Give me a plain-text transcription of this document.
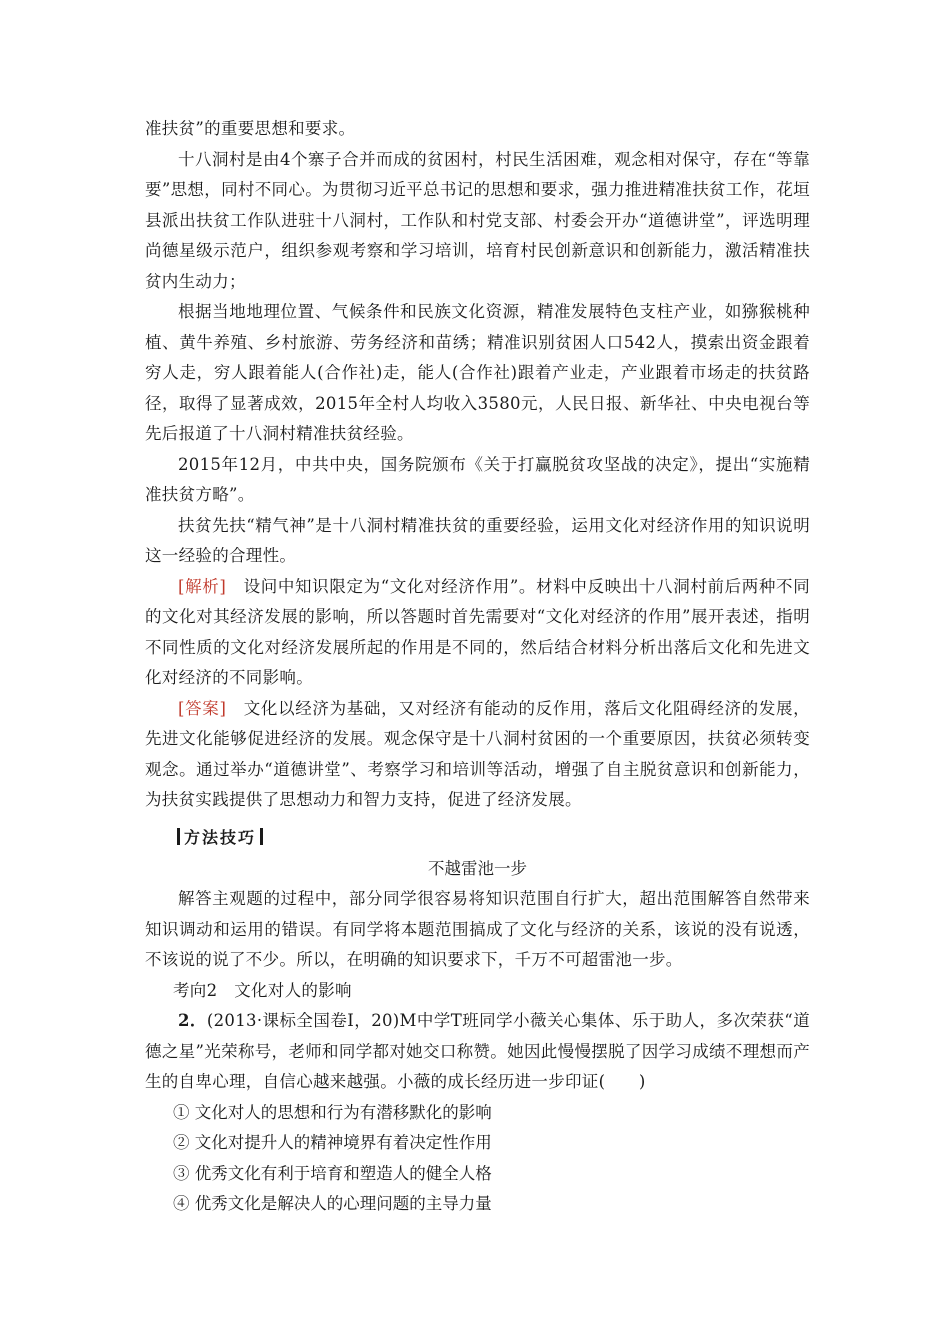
准扶贫”的重要思想和要求。

十八洞村是由4个寨子合并而成的贫困村，村民生活困难，观念相对保守，存在“等靠要”思想，同村不同心。为贯彻习近平总书记的思想和要求，强力推进精准扶贫工作，花垣县派出扶贫工作队进驻十八洞村，工作队和村党支部、村委会开办“道德讲堂”，评选明理尚德星级示范户，组织参观考察和学习培训，培育村民创新意识和创新能力，激活精准扶贫内生动力；

根据当地地理位置、气候条件和民族文化资源，精准发展特色支柱产业，如猕猴桃种植、黄牛养殖、乡村旅游、劳务经济和苗绣；精准识别贫困人口542人，摸索出资金跟着穷人走，穷人跟着能人(合作社)走，能人(合作社)跟着产业走，产业跟着市场走的扶贫路径，取得了显著成效，2015年全村人均收入3580元，人民日报、新华社、中央电视台等先后报道了十八洞村精准扶贫经验。

2015年12月，中共中央，国务院颁布《关于打赢脱贫攻坚战的决定》，提出“实施精准扶贫方略”。

扶贫先扶“精气神”是十八洞村精准扶贫的重要经验，运用文化对经济作用的知识说明这一经验的合理性。

[解析]　 设问中知识限定为“文化对经济作用”。材料中反映出十八洞村前后两种不同的文化对其经济发展的影响，所以答题时首先需要对“文化对经济的作用”展开表述，指明不同性质的文化对经济发展所起的作用是不同的，然后结合材料分析出落后文化和先进文化对经济的不同影响。

[答案]　 文化以经济为基础，又对经济有能动的反作用，落后文化阻碍经济的发展，先进文化能够促进经济的发展。观念保守是十八洞村贫困的一个重要原因，扶贫必须转变观念。通过举办“道德讲堂”、考察学习和培训等活动，增强了自主脱贫意识和创新能力，为扶贫实践提供了思想动力和智力支持，促进了经济发展。

方法技巧

不越雷池一步

解答主观题的过程中，部分同学很容易将知识范围自行扩大，超出范围解答自然带来知识调动和运用的错误。有同学将本题范围搞成了文化与经济的关系，该说的没有说透，不该说的说了不少。所以，在明确的知识要求下，千万不可超雷池一步。

考向2　文化对人的影响

2．(2013·课标全国卷Ⅰ，20)M中学T班同学小薇关心集体、乐于助人，多次荣获“道德之星”光荣称号，老师和同学都对她交口称赞。她因此慢慢摆脱了因学习成绩不理想而产生的自卑心理，自信心越来越强。小薇的成长经历进一步印证(　　)

① 文化对人的思想和行为有潜移默化的影响

② 文化对提升人的精神境界有着决定性作用

③ 优秀文化有利于培育和塑造人的健全人格

④ 优秀文化是解决人的心理问题的主导力量
